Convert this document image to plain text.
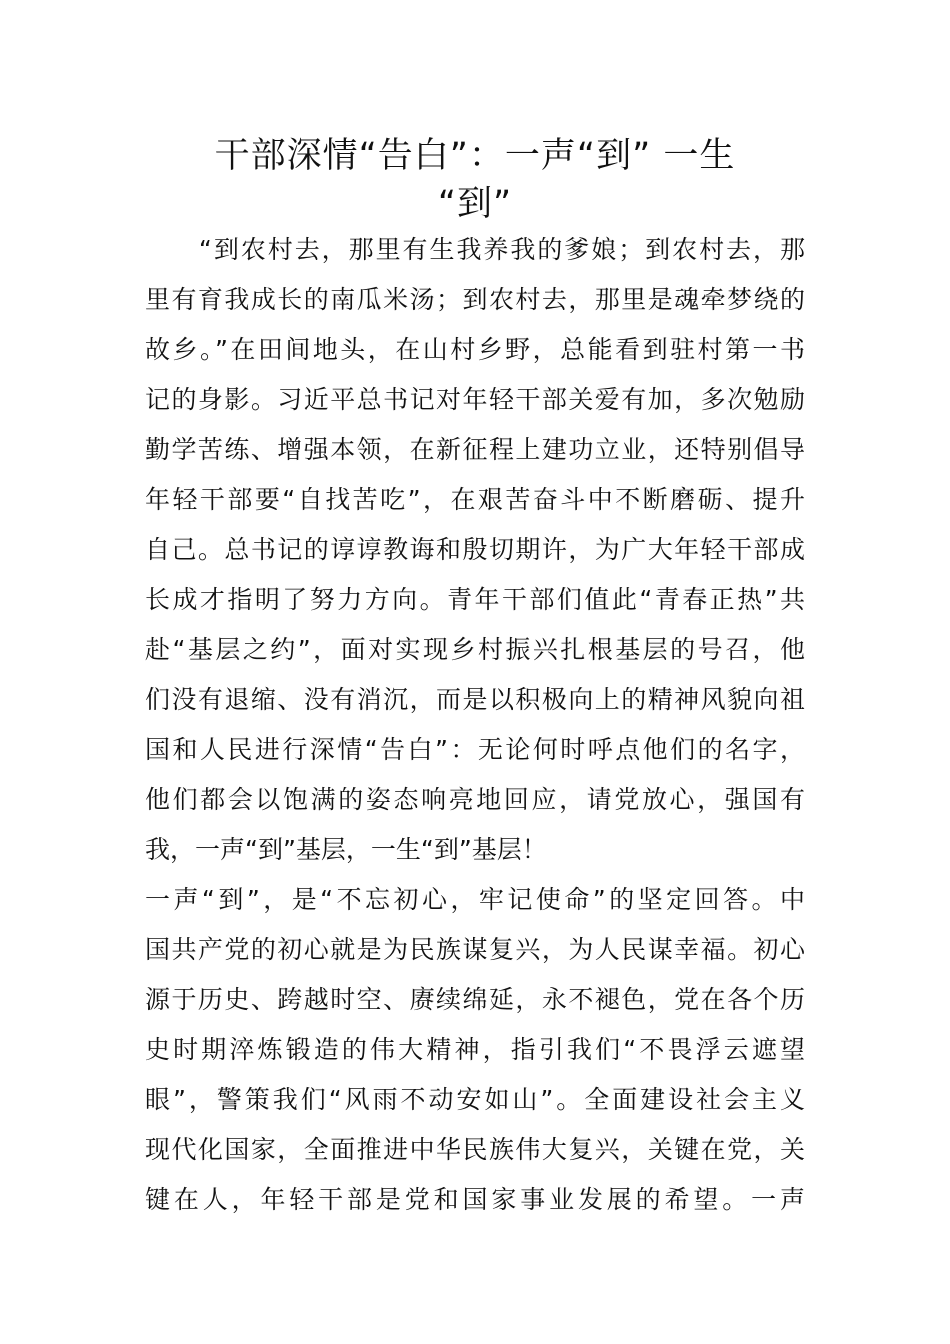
干部深情“告白”：一声“到” 一生
“到”
　　“到农村去，那里有生我养我的爹娘；到农村去，那
里有育我成长的南瓜米汤；到农村去，那里是魂牵梦绕的
故乡。”在田间地头，在山村乡野，总能看到驻村第一书
记的身影。习近平总书记对年轻干部关爱有加，多次勉励
勤学苦练、增强本领，在新征程上建功立业，还特别倡导
年轻干部要“自找苦吃”，在艰苦奋斗中不断磨砺、提升
自己。总书记的谆谆教诲和殷切期许，为广大年轻干部成
长成才指明了努力方向。青年干部们值此“青春正热”共
赴“基层之约”，面对实现乡村振兴扎根基层的号召，他
们没有退缩、没有消沉，而是以积极向上的精神风貌向祖
国和人民进行深情“告白”：无论何时呼点他们的名字，
他们都会以饱满的姿态响亮地回应，请党放心，强国有
我，一声“到”基层，一生“到”基层！
一声“到”，是“不忘初心，牢记使命”的坚定回答。中
国共产党的初心就是为民族谋复兴，为人民谋幸福。初心
源于历史、跨越时空、赓续绵延，永不褪色，党在各个历
史时期淬炼锻造的伟大精神，指引我们“不畏浮云遮望
眼”，警策我们“风雨不动安如山”。全面建设社会主义
现代化国家，全面推进中华民族伟大复兴，关键在党，关
键在人，年轻干部是党和国家事业发展的希望。一声
